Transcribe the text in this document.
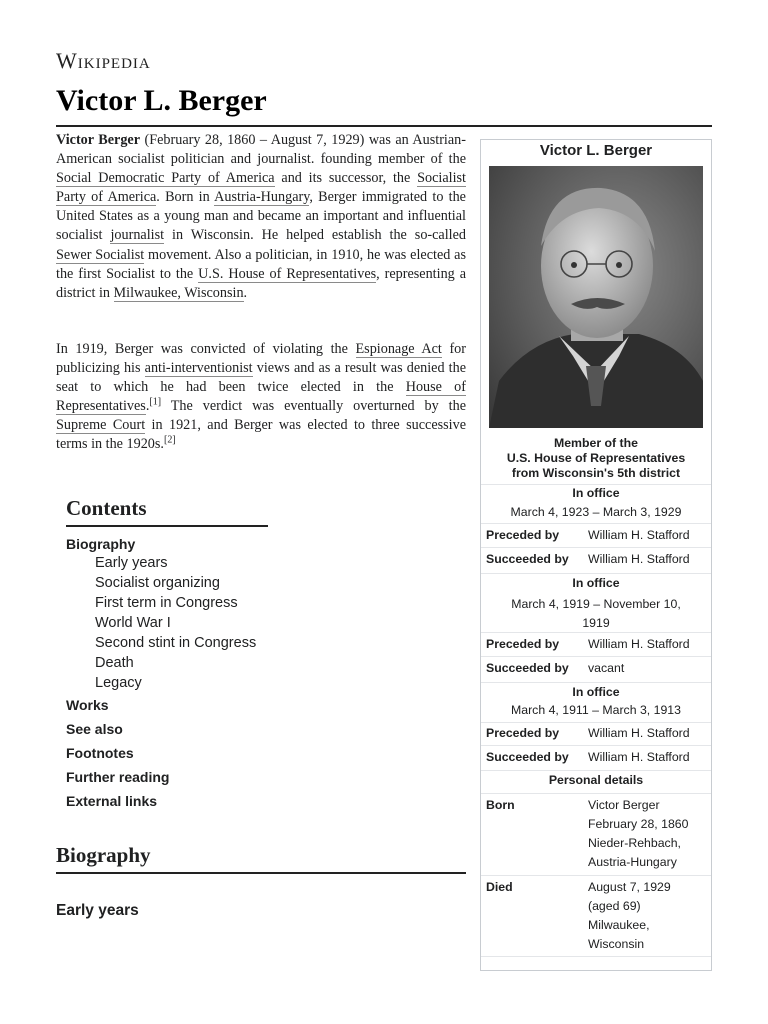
Wikipedia
Victor L. Berger

Victor Berger (February 28, 1860 – August 7, 1929) was an Austrian-American socialist politician and journalist. founding member of the Social Democratic Party of America and its successor, the Socialist Party of America. Born in Austria-Hungary, Berger immigrated to the United States as a young man and became an important and influential socialist journalist in Wisconsin. He helped establish the so-called Sewer Socialist movement. Also a politician, in 1910, he was elected as the first Socialist to the U.S. House of Representatives, representing a district in Milwaukee, Wisconsin.

In 1919, Berger was convicted of violating the Espionage Act for publicizing his anti-interventionist views and as a result was denied the seat to which he had been twice elected in the House of Representatives.[1] The verdict was eventually overturned by the Supreme Court in 1921, and Berger was elected to three successive terms in the 1920s.[2]

Contents
Biography
Early years
Socialist organizing
First term in Congress
World War I
Second stint in Congress
Death
Legacy
Works
See also
Footnotes
Further reading
External links
Biography
Early years
Victor L. Berger
Member of the
U.S. House of Representatives
from Wisconsin's 5th district
In office
March 4, 1923 – March 3, 1929
Preceded by William H. Stafford
Succeeded by William H. Stafford
In office
March 4, 1919 – November 10,
1919
Preceded by William H. Stafford
Succeeded by vacant
In office
March 4, 1911 – March 3, 1913
Preceded by William H. Stafford
Succeeded by William H. Stafford
Personal details
Born	Victor Berger
February 28, 1860
Nieder-Rehbach,
Austria-Hungary
Died	August 7, 1929
(aged 69)
Milwaukee,
Wisconsin
